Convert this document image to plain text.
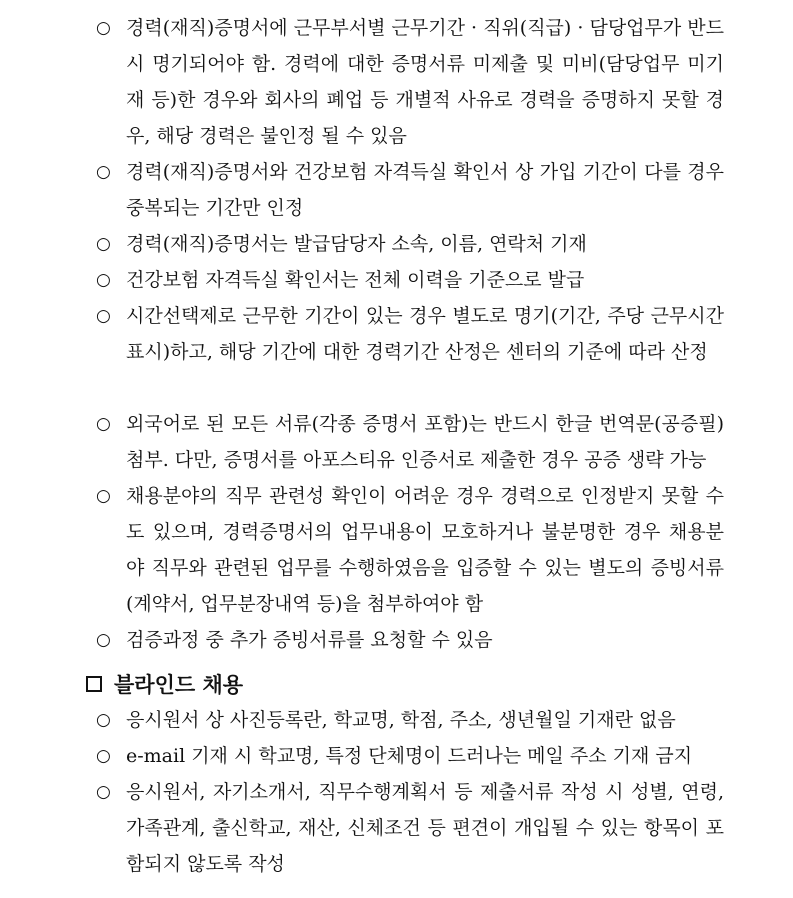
○ 경력(재직)증명서에 근무부서별 근무기간 · 직위(직급) · 담당업무가 반드시 명기되어야 함. 경력에 대한 증명서류 미제출 및 미비(담당업무 미기재 등)한 경우와 회사의 폐업 등 개별적 사유로 경력을 증명하지 못할 경우, 해당 경력은 불인정 될 수 있음
○ 경력(재직)증명서와 건강보험 자격득실 확인서 상 가입 기간이 다를 경우 중복되는 기간만 인정
○ 경력(재직)증명서는 발급담당자 소속, 이름, 연락처 기재
○ 건강보험 자격득실 확인서는 전체 이력을 기준으로 발급
○ 시간선택제로 근무한 기간이 있는 경우 별도로 명기(기간, 주당 근무시간 표시)하고, 해당 기간에 대한 경력기간 산정은 센터의 기준에 따라 산정
○ 외국어로 된 모든 서류(각종 증명서 포함)는 반드시 한글 번역문(공증필) 첨부. 다만, 증명서를 아포스티유 인증서로 제출한 경우 공증 생략 가능
○ 채용분야의 직무 관련성 확인이 어려운 경우 경력으로 인정받지 못할 수도 있으며, 경력증명서의 업무내용이 모호하거나 불분명한 경우 채용분야 직무와 관련된 업무를 수행하였음을 입증할 수 있는 별도의 증빙서류(계약서, 업무분장내역 등)을 첨부하여야 함
○ 검증과정 중 추가 증빙서류를 요청할 수 있음
블라인드 채용
○ 응시원서 상 사진등록란, 학교명, 학점, 주소, 생년월일 기재란 없음
○ e-mail 기재 시 학교명, 특정 단체명이 드러나는 메일 주소 기재 금지
○ 응시원서, 자기소개서, 직무수행계획서 등 제출서류 작성 시 성별, 연령, 가족관계, 출신학교, 재산, 신체조건 등 편견이 개입될 수 있는 항목이 포함되지 않도록 작성
